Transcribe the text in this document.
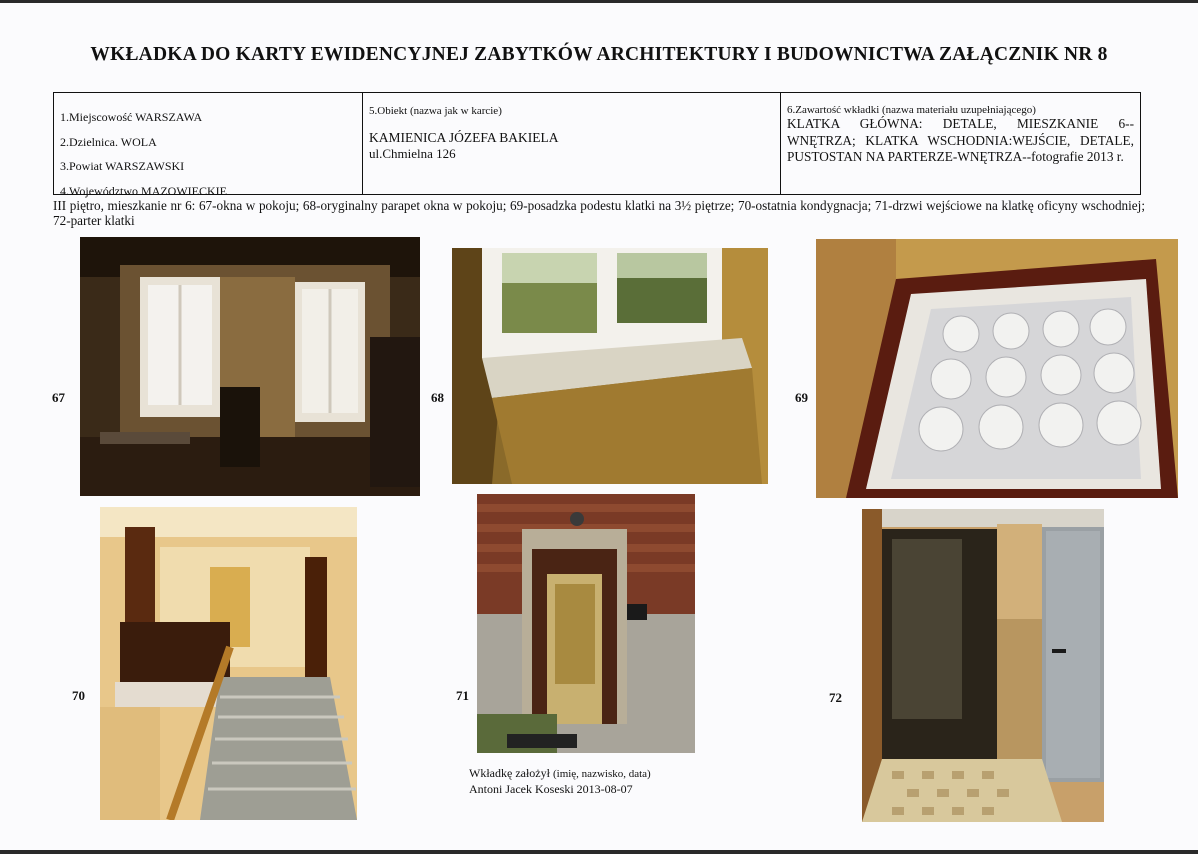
WKŁADKA DO KARTY EWIDENCYJNEJ ZABYTKÓW ARCHITEKTURY I BUDOWNICTWA ZAŁĄCZNIK NR 8
1.Miejscowość WARSZAWA
2.Dzielnica. WOLA
3.Powiat WARSZAWSKI
4.Województwo MAZOWIECKIE
5.Obiekt (nazwa jak w karcie)
KAMIENICA JÓZEFA BAKIELA
ul.Chmielna 126
6.Zawartość wkładki (nazwa materiału uzupełniającego)
KLATKA GŁÓWNA: DETALE, MIESZKANIE 6--WNĘTRZA; KLATKA WSCHODNIA:WEJŚCIE, DETALE, PUSTOSTAN NA PARTERZE-WNĘTRZA--fotografie 2013 r.
III piętro, mieszkanie nr 6: 67-okna w pokoju; 68-oryginalny parapet okna w pokoju; 69-posadzka podestu klatki na 3½ piętrze; 70-ostatnia kondygnacja; 71-drzwi wejściowe na klatkę oficyny wschodniej; 72-parter klatki
67	68	69
70	71	72
Wkładkę założył (imię, nazwisko, data)
Antoni Jacek Koseski 2013-08-07
